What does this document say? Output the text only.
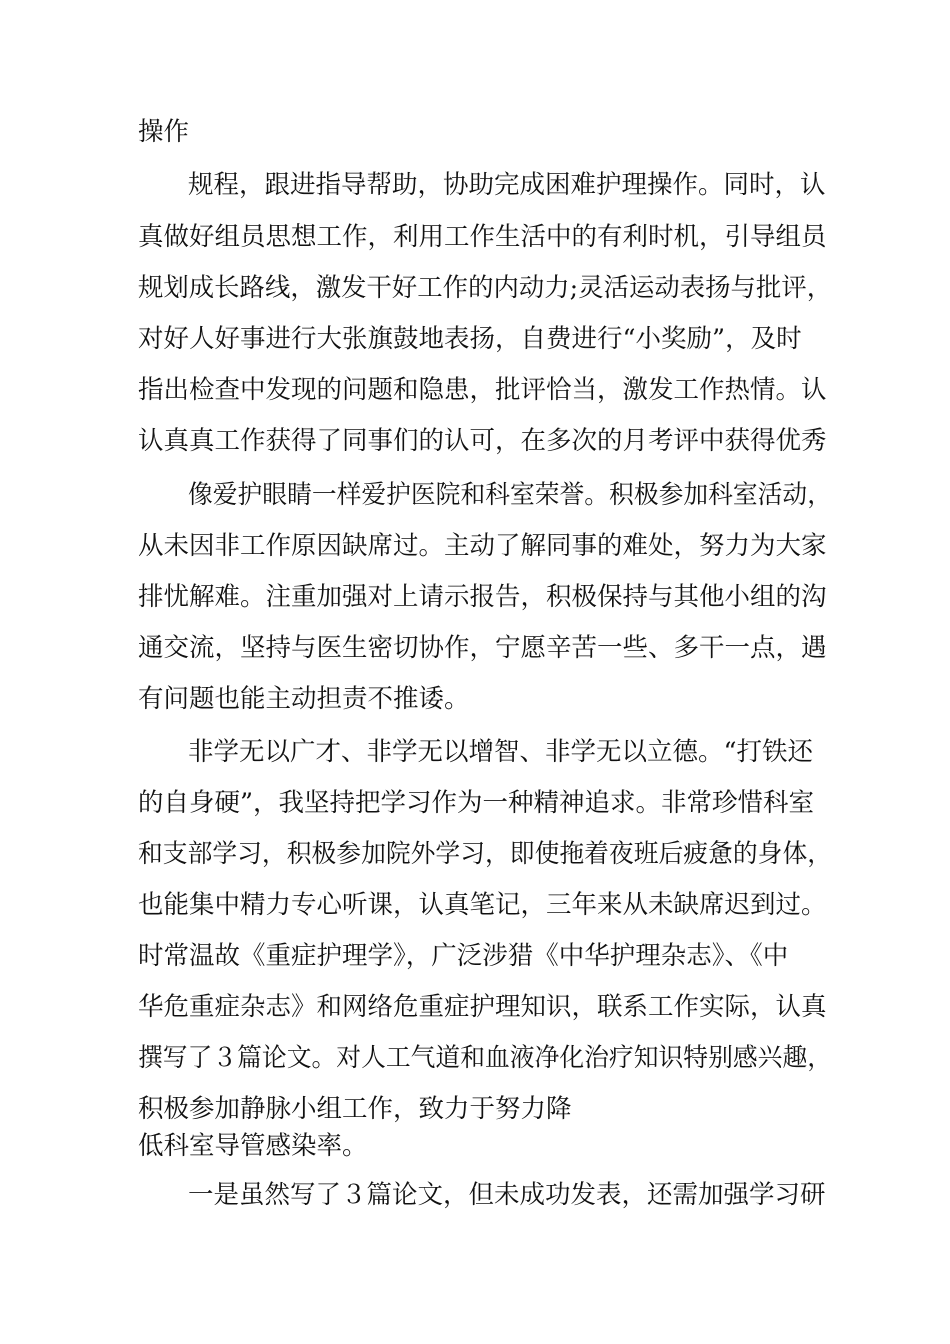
操作
规程，跟进指导帮助，协助完成困难护理操作。同时，认
真做好组员思想工作，利用工作生活中的有利时机，引导组员
规划成长路线，激发干好工作的内动力;灵活运动表扬与批评，
对好人好事进行大张旗鼓地表扬，自费进行“小奖励”，及时
指出检查中发现的问题和隐患，批评恰当，激发工作热情。认
认真真工作获得了同事们的认可，在多次的月考评中获得优秀
像爱护眼睛一样爱护医院和科室荣誉。积极参加科室活动，
从未因非工作原因缺席过。主动了解同事的难处，努力为大家
排忧解难。注重加强对上请示报告，积极保持与其他小组的沟
通交流，坚持与医生密切协作，宁愿辛苦一些、多干一点，遇
有问题也能主动担责不推诿。
非学无以广才、非学无以增智、非学无以立德。“打铁还
的自身硬”，我坚持把学习作为一种精神追求。非常珍惜科室
和支部学习，积极参加院外学习，即使拖着夜班后疲惫的身体，
也能集中精力专心听课，认真笔记，三年来从未缺席迟到过。
时常温故《重症护理学》，广泛涉猎《中华护理杂志》、《中
华危重症杂志》和网络危重症护理知识，联系工作实际，认真
撰写了３篇论文。对人工气道和血液净化治疗知识特别感兴趣，
积极参加静脉小组工作，致力于努力降
低科室导管感染率。
一是虽然写了３篇论文，但未成功发表，还需加强学习研
